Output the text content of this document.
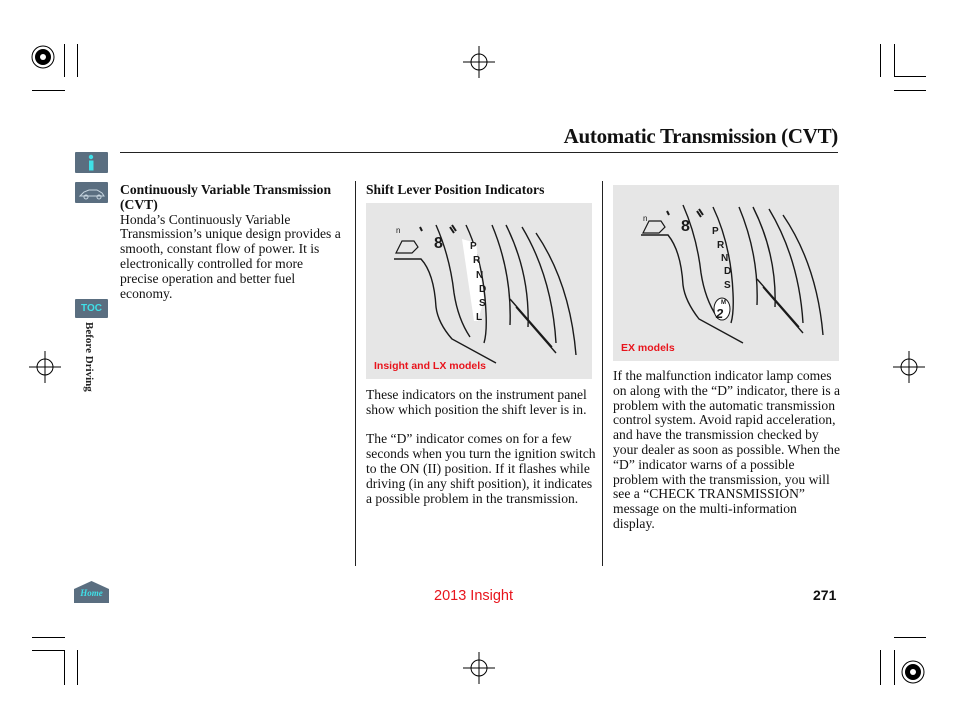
Automatic Transmission (CVT)
TOC
Before Driving
Home
Continuously Variable Transmission (CVT)

Honda’s Continuously Variable Transmission’s unique design provides a smooth, constant flow of power. It is electronically controlled for more precise operation and better fuel economy.

Shift Lever Position Indicators
P
R
N
D
S
L
8
n
Insight and LX models

These indicators on the instrument panel show which position the shift lever is in.

The “D” indicator comes on for a few seconds when you turn the ignition switch to the ON (II) position. If it flashes while driving (in any shift position), it indicates a possible problem in the transmission.

P
R
N
D
S
M
2
8
n
EX models

If the malfunction indicator lamp comes on along with the “D” indicator, there is a problem with the automatic transmission control system. Avoid rapid acceleration, and have the transmission checked by your dealer as soon as possible. When the “D” indicator warns of a possible problem with the transmission, you will see a “CHECK TRANSMISSION” message on the multi-information display.

2013 Insight	271
